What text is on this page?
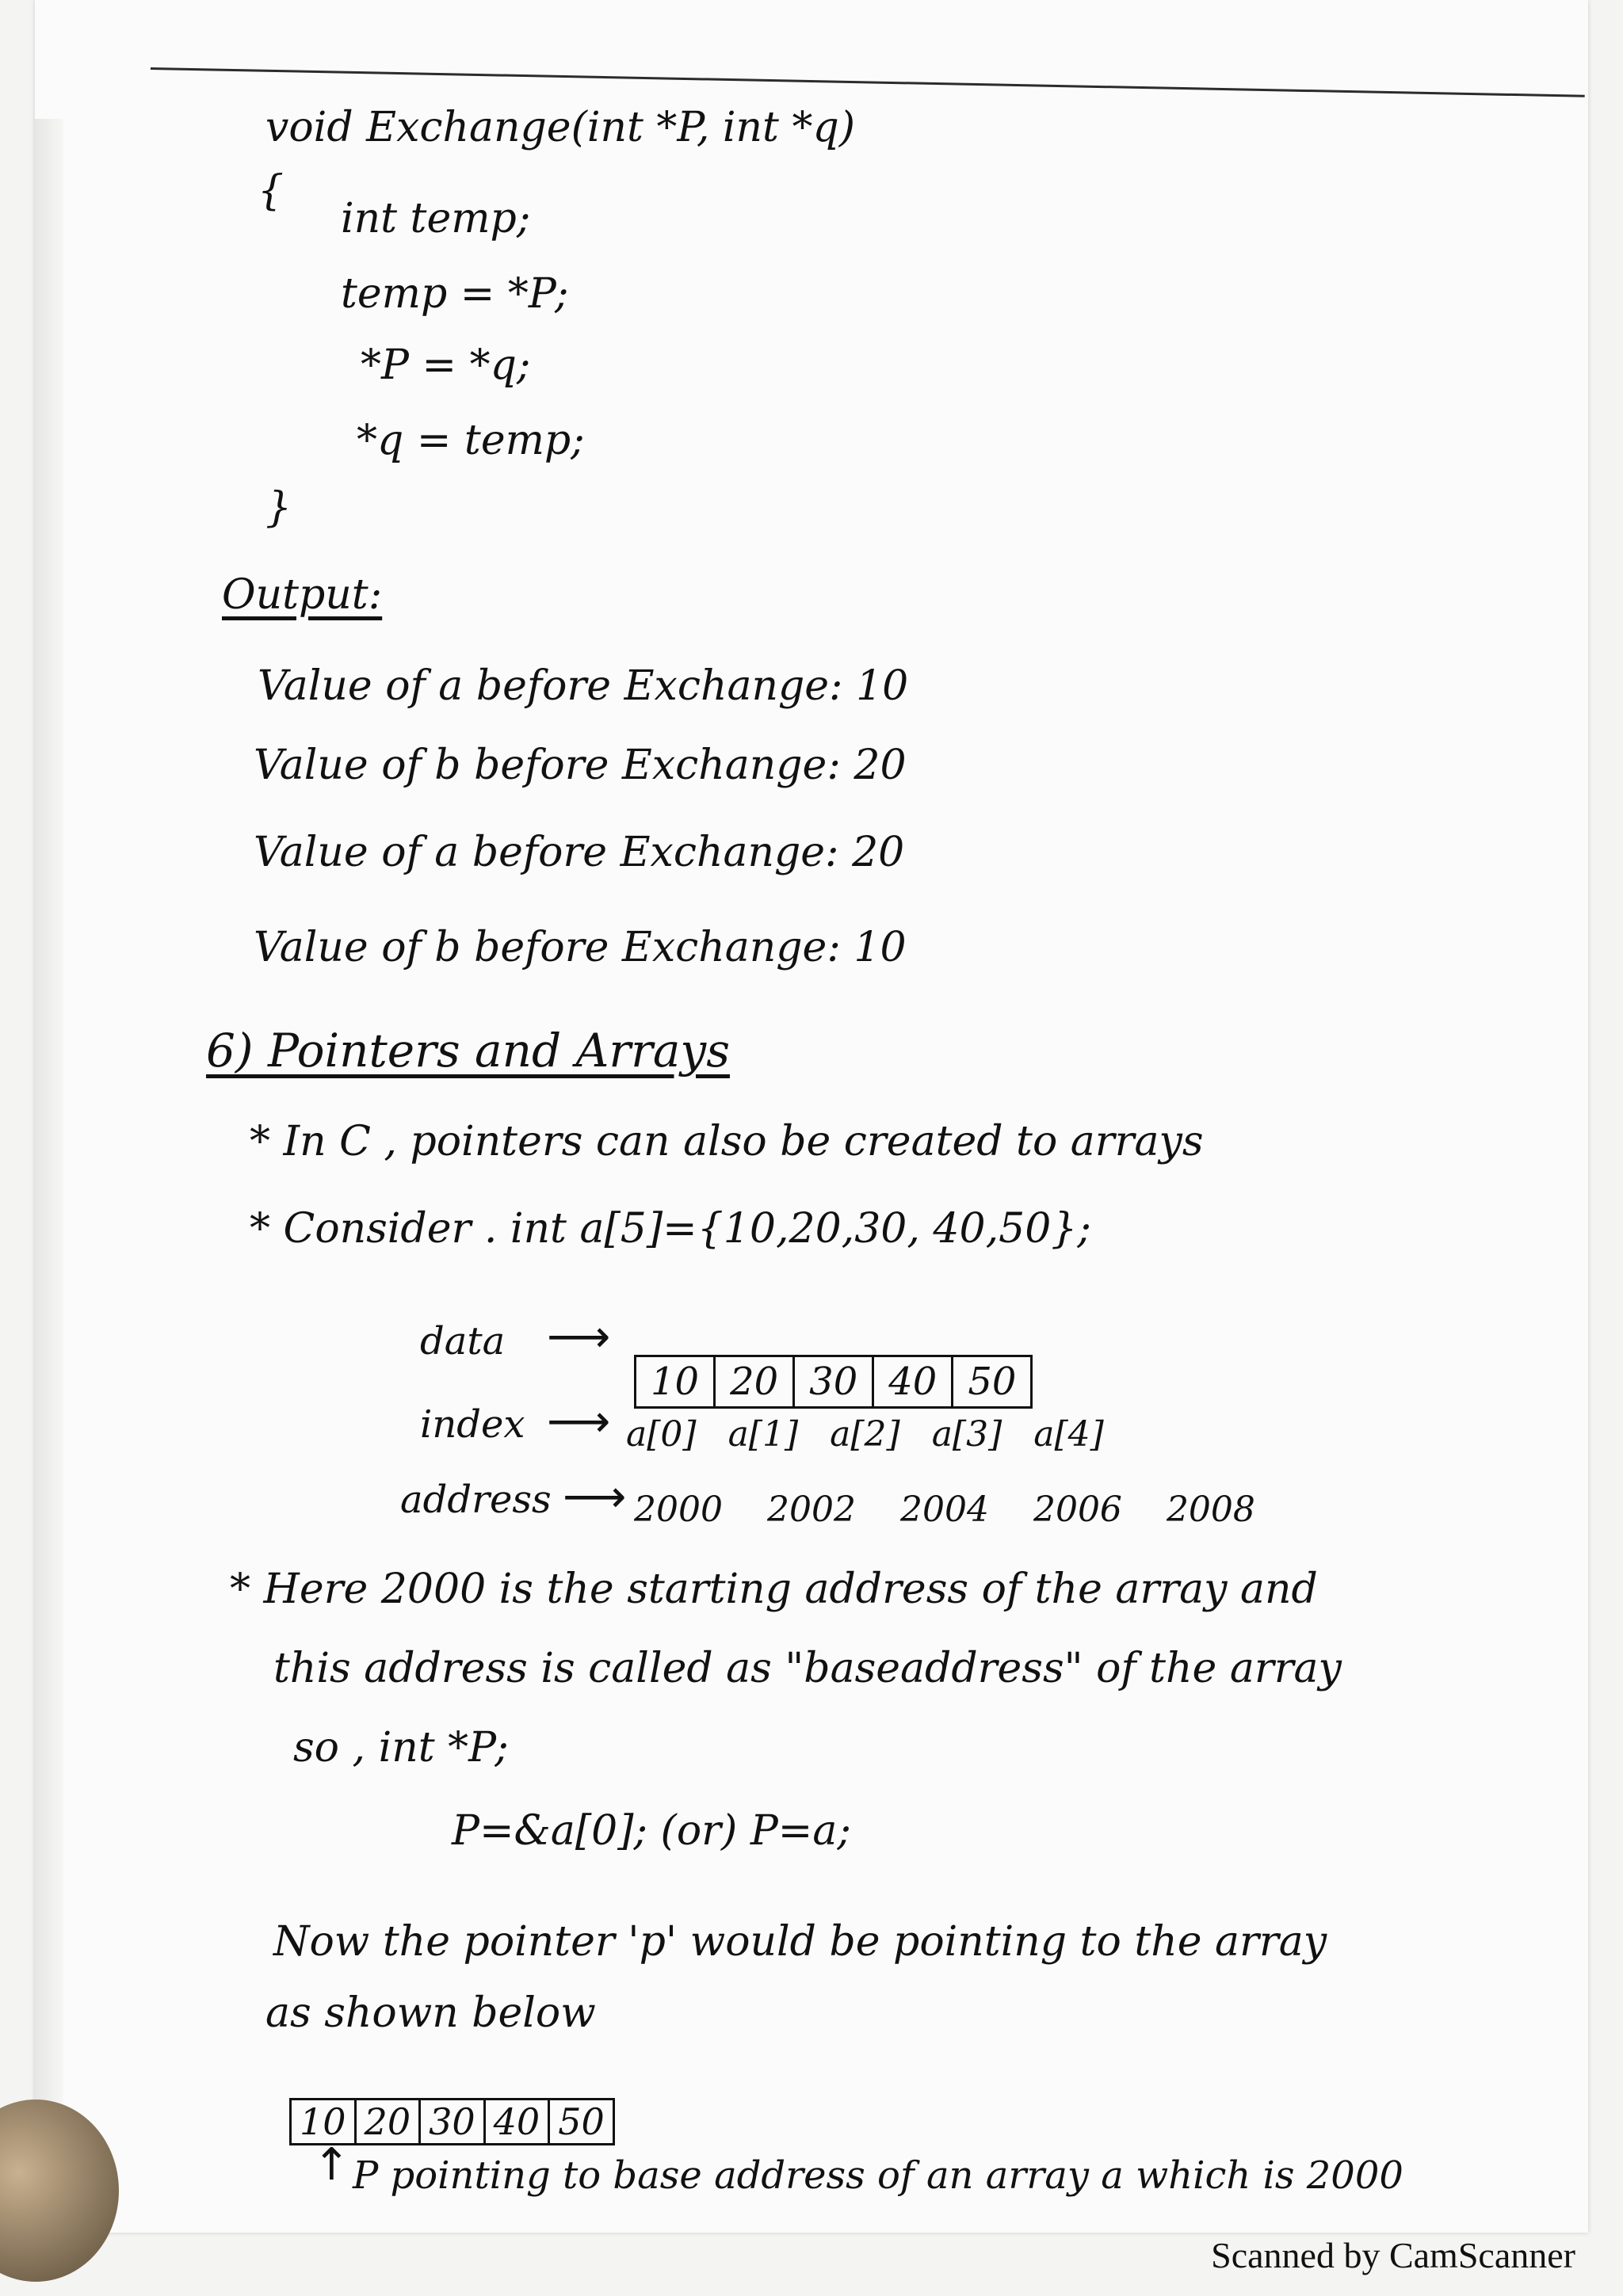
void Exchange(int *P, int *q)
{
int temp;
temp = *P;
*P = *q;
*q = temp;
}
Output:
Value of a before Exchange: 10
Value of b before Exchange: 20
Value of a before Exchange: 20
Value of b before Exchange: 10
6) Pointers and Arrays
* In C , pointers can also be created to arrays
* Consider . int a[5]={10,20,30, 40,50};
data ⟶
10 20 30 40 50
index ⟶ a[0] a[1] a[2] a[3] a[4]
address ⟶ 2000 2002 2004 2006 2008
* Here 2000 is the starting address of the array and
this address is called as "baseaddress" of the array
so , int *P;
P=&a[0]; (or) P=a;
Now the pointer 'p' would be pointing to the array
as shown below
10 20 30 40 50
↑ P pointing to base address of an array a which is 2000
Scanned by CamScanner
